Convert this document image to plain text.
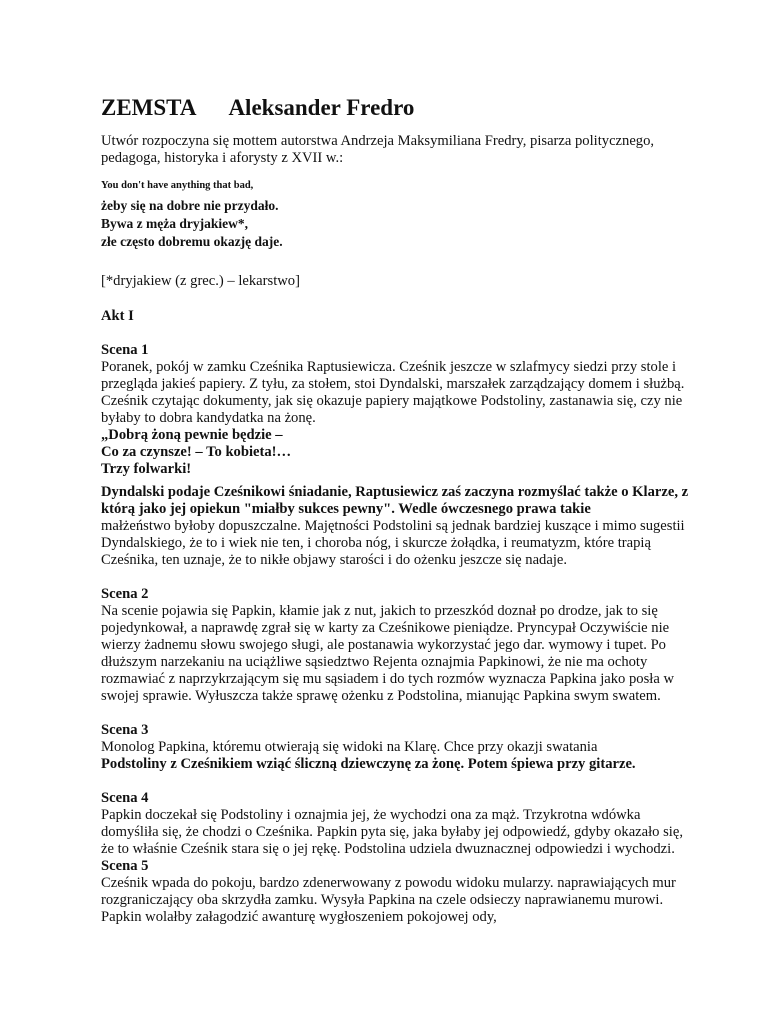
ZEMSTA Aleksander Fredro

Utwór rozpoczyna się mottem autorstwa Andrzeja Maksymiliana Fredry, pisarza politycznego, pedagoga, historyka i aforysty z XVII w.:

You don't have anything that bad,

żeby się na dobre nie przydało.

Bywa z męża dryjakiew*,

złe często dobremu okazję daje.

[*dryjakiew (z grec.) – lekarstwo]

Akt I

Scena 1

Poranek, pokój w zamku Cześnika Raptusiewicza. Cześnik jeszcze w szlafmycy siedzi przy stole i przegląda jakieś papiery. Z tyłu, za stołem, stoi Dyndalski, marszałek zarządzający domem i służbą. Cześnik czytając dokumenty, jak się okazuje papiery majątkowe Podstoliny, zastanawia się, czy nie byłaby to dobra kandydatka na żonę.

„Dobrą żoną pewnie będzie –

Co za czynsze! – To kobieta!…

Trzy folwarki!

Dyndalski podaje Cześnikowi śniadanie, Raptusiewicz zaś zaczyna rozmyślać także o Klarze, z którą jako jej opiekun "miałby sukces pewny". Wedle ówczesnego prawa takie

małżeństwo byłoby dopuszczalne. Majętności Podstolini są jednak bardziej kuszące i mimo sugestii Dyndalskiego, że to i wiek nie ten, i choroba nóg, i skurcze żołądka, i reumatyzm, które trapią Cześnika, ten uznaje, że to nikłe objawy starości i do ożenku jeszcze się nadaje.

Scena 2

Na scenie pojawia się Papkin, kłamie jak z nut, jakich to przeszkód doznał po drodze, jak to się pojedynkował, a naprawdę zgrał się w karty za Cześnikowe pieniądze. Pryncypał Oczywiście nie wierzy żadnemu słowu swojego sługi, ale postanawia wykorzystać jego dar. wymowy i tupet. Po dłuższym narzekaniu na uciążliwe sąsiedztwo Rejenta oznajmia Papkinowi, że nie ma ochoty rozmawiać z naprzykrzającym się mu sąsiadem i do tych rozmów wyznacza Papkina jako posła w swojej sprawie. Wyłuszcza także sprawę ożenku z Podstolina, mianując Papkina swym swatem.

Scena 3

Monolog Papkina, któremu otwierają się widoki na Klarę. Chce przy okazji swatania

Podstoliny z Cześnikiem wziąć śliczną dziewczynę za żonę. Potem śpiewa przy gitarze.

Scena 4

Papkin doczekał się Podstoliny i oznajmia jej, że wychodzi ona za mąż. Trzykrotna wdówka domyśliła się, że chodzi o Cześnika. Papkin pyta się, jaka byłaby jej odpowiedź, gdyby okazało się, że to właśnie Cześnik stara się o jej rękę. Podstolina udziela dwuznacznej odpowiedzi i wychodzi.

Scena 5

Cześnik wpada do pokoju, bardzo zdenerwowany z powodu widoku mularzy. naprawiających mur rozgraniczający oba skrzydła zamku. Wysyła Papkina na czele odsieczy naprawianemu murowi. Papkin wolałby załagodzić awanturę wygłoszeniem pokojowej ody,
